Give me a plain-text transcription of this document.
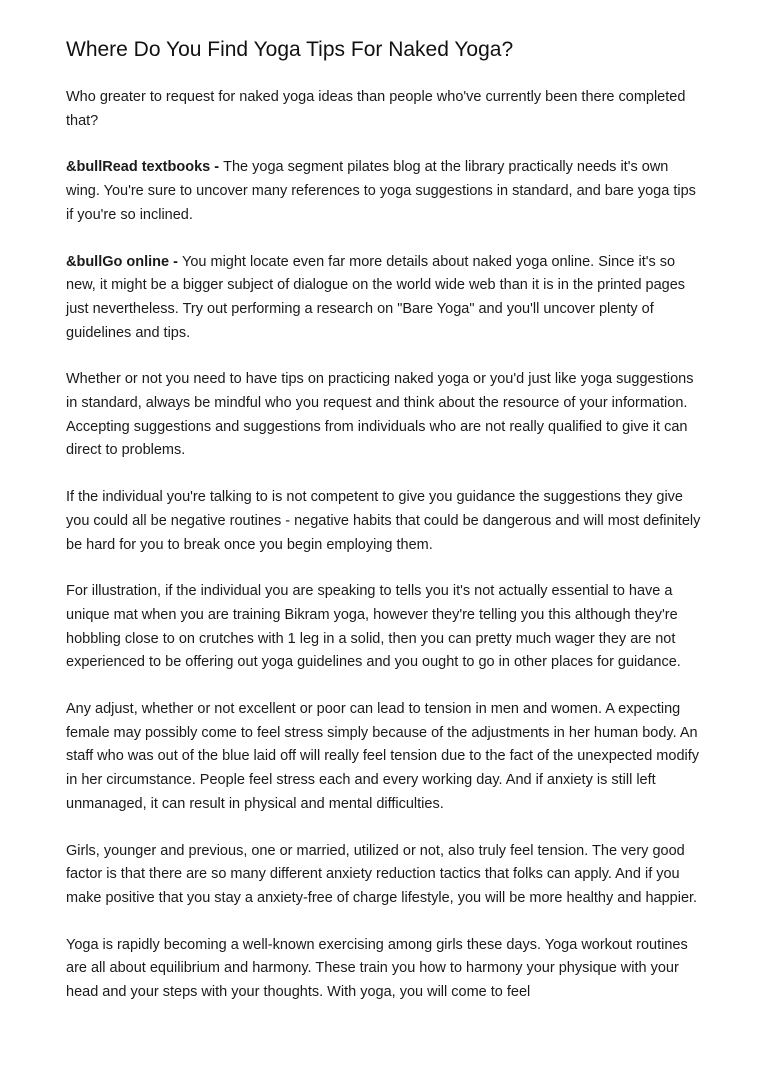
Where Do You Find Yoga Tips For Naked Yoga?

Who greater to request for naked yoga ideas than people who've currently been there completed that?

&bullRead textbooks - The yoga segment pilates blog at the library practically needs it's own wing. You're sure to uncover many references to yoga suggestions in standard, and bare yoga tips if you're so inclined.

&bullGo online - You might locate even far more details about naked yoga online. Since it's so new, it might be a bigger subject of dialogue on the world wide web than it is in the printed pages just nevertheless. Try out performing a research on "Bare Yoga" and you'll uncover plenty of guidelines and tips.

Whether or not you need to have tips on practicing naked yoga or you'd just like yoga suggestions in standard, always be mindful who you request and think about the resource of your information. Accepting suggestions and suggestions from individuals who are not really qualified to give it can direct to problems.

If the individual you're talking to is not competent to give you guidance the suggestions they give you could all be negative routines - negative habits that could be dangerous and will most definitely be hard for you to break once you begin employing them.

For illustration, if the individual you are speaking to tells you it's not actually essential to have a unique mat when you are training Bikram yoga, however they're telling you this although they're hobbling close to on crutches with 1 leg in a solid, then you can pretty much wager they are not experienced to be offering out yoga guidelines and you ought to go in other places for guidance.

Any adjust, whether or not excellent or poor can lead to tension in men and women. A expecting female may possibly come to feel stress simply because of the adjustments in her human body. An staff who was out of the blue laid off will really feel tension due to the fact of the unexpected modify in her circumstance. People feel stress each and every working day. And if anxiety is still left unmanaged, it can result in physical and mental difficulties.

Girls, younger and previous, one or married, utilized or not, also truly feel tension. The very good factor is that there are so many different anxiety reduction tactics that folks can apply. And if you make positive that you stay a anxiety-free of charge lifestyle, you will be more healthy and happier.

Yoga is rapidly becoming a well-known exercising among girls these days. Yoga workout routines are all about equilibrium and harmony. These train you how to harmony your physique with your head and your steps with your thoughts. With yoga, you will come to feel
